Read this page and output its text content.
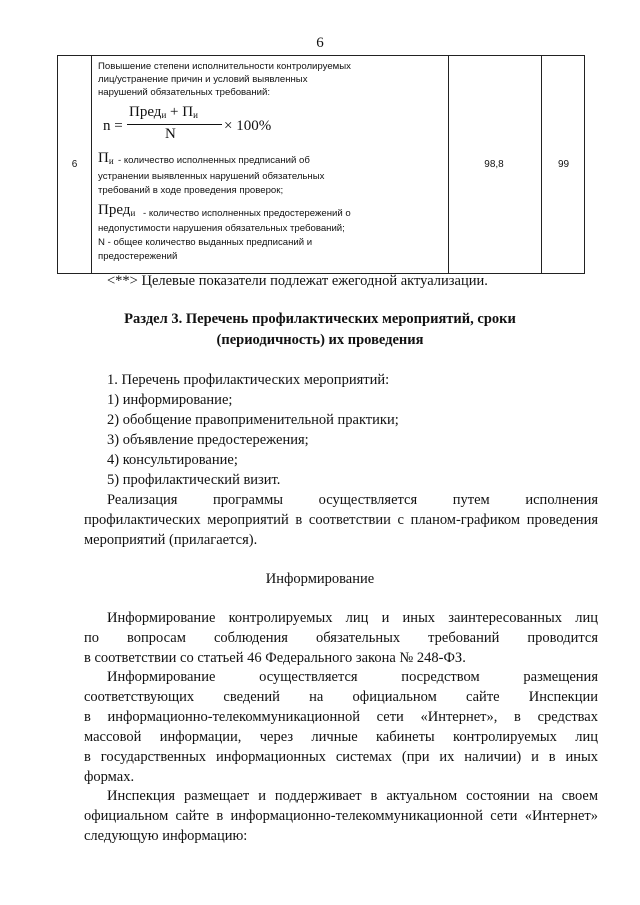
6
6
Повышение степени исполнительности контролируемых
лиц/устранение причин и условий выявленных
нарушений обязательных требований:
n =
Пред$_и$ + $П_и$
N	× 100%
$П_и$ - количество исполненных предписаний об
устранении выявленных нарушений обязательных
требований в ходе проведения проверок;
Пред$_и$ - количество исполненных предостережений о
недопустимости нарушения обязательных требований;
N - общее количество выданных предписаний и
предостережений
98,8	99
<**> Целевые показатели подлежат ежегодной актуализации.
Раздел 3. Перечень профилактических мероприятий, сроки
(периодичность) их проведения
1. Перечень профилактических мероприятий:
1) информирование;
2) обобщение правоприменительной практики;
3) объявление предостережения;
4) консультирование;
5) профилактический визит.
Реализация программы осуществляется путем исполнения
профилактических мероприятий в соответствии с планом-графиком проведения
мероприятий (прилагается).
Информирование
Информирование контролируемых лиц и иных заинтересованных лиц
по вопросам соблюдения обязательных требований проводится
в соответствии со статьей 46 Федерального закона № 248-ФЗ.
Информирование осуществляется посредством размещения
соответствующих сведений на официальном сайте Инспекции
в информационно-телекоммуникационной сети «Интернет», в средствах
массовой информации, через личные кабинеты контролируемых лиц
в государственных информационных системах (при их наличии) и в иных
формах.
Инспекция размещает и поддерживает в актуальном состоянии на своем
официальном сайте в информационно-телекоммуникационной сети «Интернет»
следующую информацию:
